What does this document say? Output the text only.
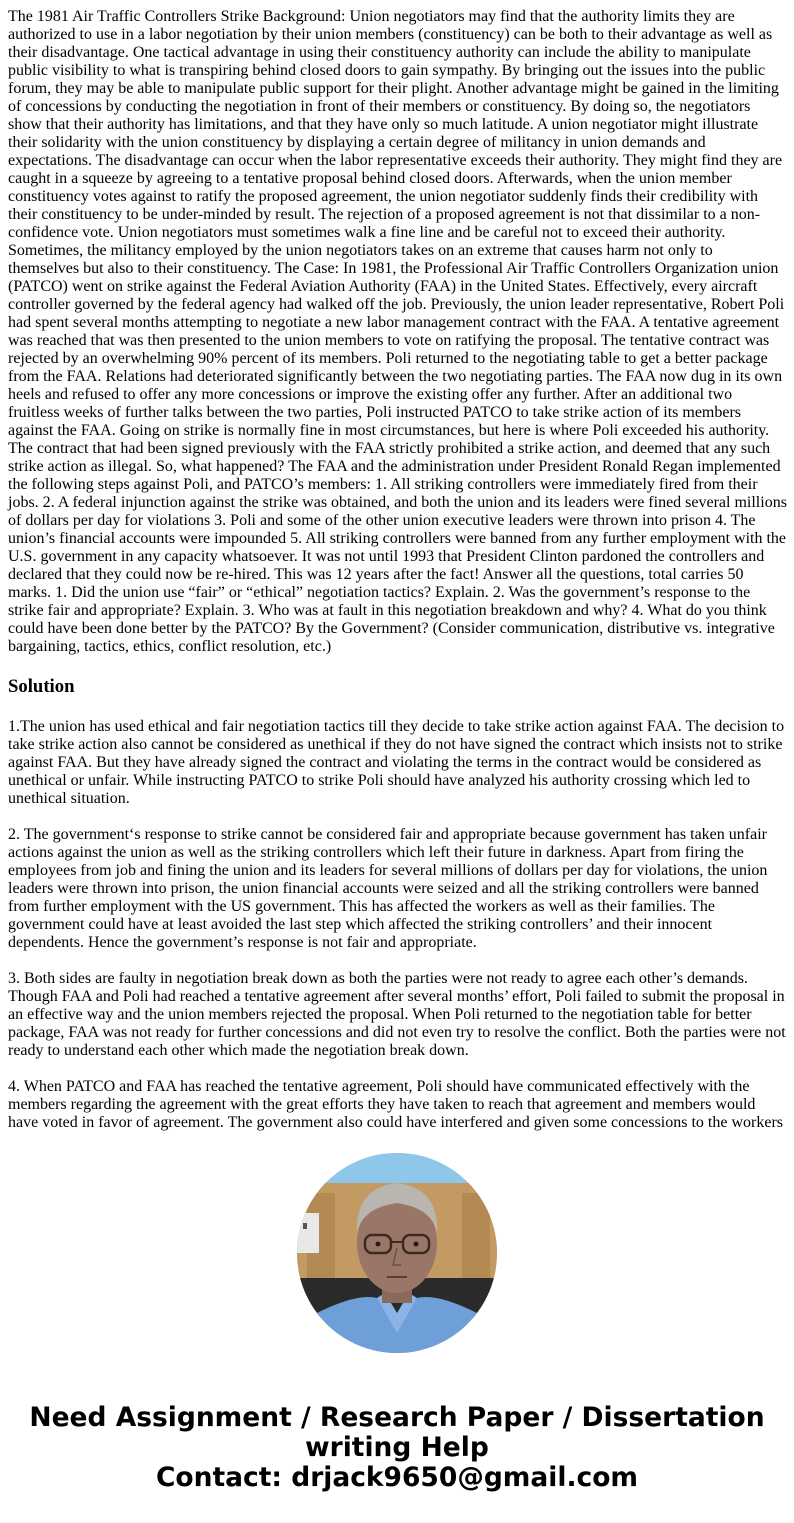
The 1981 Air Traffic Controllers Strike Background: Union negotiators may find that the authority limits they are authorized to use in a labor negotiation by their union members (constituency) can be both to their advantage as well as their disadvantage. One tactical advantage in using their constituency authority can include the ability to manipulate public visibility to what is transpiring behind closed doors to gain sympathy. By bringing out the issues into the public forum, they may be able to manipulate public support for their plight. Another advantage might be gained in the limiting of concessions by conducting the negotiation in front of their members or constituency. By doing so, the negotiators show that their authority has limitations, and that they have only so much latitude. A union negotiator might illustrate their solidarity with the union constituency by displaying a certain degree of militancy in union demands and expectations. The disadvantage can occur when the labor representative exceeds their authority. They might find they are caught in a squeeze by agreeing to a tentative proposal behind closed doors. Afterwards, when the union member constituency votes against to ratify the proposed agreement, the union negotiator suddenly finds their credibility with their constituency to be under-minded by result. The rejection of a proposed agreement is not that dissimilar to a non-confidence vote. Union negotiators must sometimes walk a fine line and be careful not to exceed their authority. Sometimes, the militancy employed by the union negotiators takes on an extreme that causes harm not only to themselves but also to their constituency. The Case: In 1981, the Professional Air Traffic Controllers Organization union (PATCO) went on strike against the Federal Aviation Authority (FAA) in the United States. Effectively, every aircraft controller governed by the federal agency had walked off the job. Previously, the union leader representative, Robert Poli had spent several months attempting to negotiate a new labor management contract with the FAA. A tentative agreement was reached that was then presented to the union members to vote on ratifying the proposal. The tentative contract was rejected by an overwhelming 90% percent of its members. Poli returned to the negotiating table to get a better package from the FAA. Relations had deteriorated significantly between the two negotiating parties. The FAA now dug in its own heels and refused to offer any more concessions or improve the existing offer any further. After an additional two fruitless weeks of further talks between the two parties, Poli instructed PATCO to take strike action of its members against the FAA. Going on strike is normally fine in most circumstances, but here is where Poli exceeded his authority. The contract that had been signed previously with the FAA strictly prohibited a strike action, and deemed that any such strike action as illegal. So, what happened? The FAA and the administration under President Ronald Regan implemented the following steps against Poli, and PATCO’s members: 1. All striking controllers were immediately fired from their jobs. 2. A federal injunction against the strike was obtained, and both the union and its leaders were fined several millions of dollars per day for violations 3. Poli and some of the other union executive leaders were thrown into prison 4. The union’s financial accounts were impounded 5. All striking controllers were banned from any further employment with the U.S. government in any capacity whatsoever. It was not until 1993 that President Clinton pardoned the controllers and declared that they could now be re-hired. This was 12 years after the fact! Answer all the questions, total carries 50 marks. 1. Did the union use “fair” or “ethical” negotiation tactics? Explain. 2. Was the government’s response to the strike fair and appropriate? Explain. 3. Who was at fault in this negotiation breakdown and why? 4. What do you think could have been done better by the PATCO? By the Government? (Consider communication, distributive vs. integrative bargaining, tactics, ethics, conflict resolution, etc.)

Solution

1.The union has used ethical and fair negotiation tactics till they decide to take strike action against FAA. The decision to take strike action also cannot be considered as unethical if they do not have signed the contract which insists not to strike against FAA. But they have already signed the contract and violating the terms in the contract would be considered as unethical or unfair. While instructing PATCO to strike Poli should have analyzed his authority crossing which led to unethical situation.

2. The government‘s response to strike cannot be considered fair and appropriate because government has taken unfair actions against the union as well as the striking controllers which left their future in darkness. Apart from firing the employees from job and fining the union and its leaders for several millions of dollars per day for violations, the union leaders were thrown into prison, the union financial accounts were seized and all the striking controllers were banned from further employment with the US government. This has affected the workers as well as their families. The government could have at least avoided the last step which affected the striking controllers’ and their innocent dependents. Hence the government’s response is not fair and appropriate.

3. Both sides are faulty in negotiation break down as both the parties were not ready to agree each other’s demands. Though FAA and Poli had reached a tentative agreement after several months’ effort, Poli failed to submit the proposal in an effective way and the union members rejected the proposal. When Poli returned to the negotiation table for better package, FAA was not ready for further concessions and did not even try to resolve the conflict. Both the parties were not ready to understand each other which made the negotiation break down.

4. When PATCO and FAA has reached the tentative agreement, Poli should have communicated effectively with the members regarding the agreement with the great efforts they have taken to reach that agreement and members would have voted in favor of agreement. The government also could have interfered and given some concessions to the workers

Need Assignment / Research Paper / Dissertation
writing Help
Contact: drjack9650@gmail.com
